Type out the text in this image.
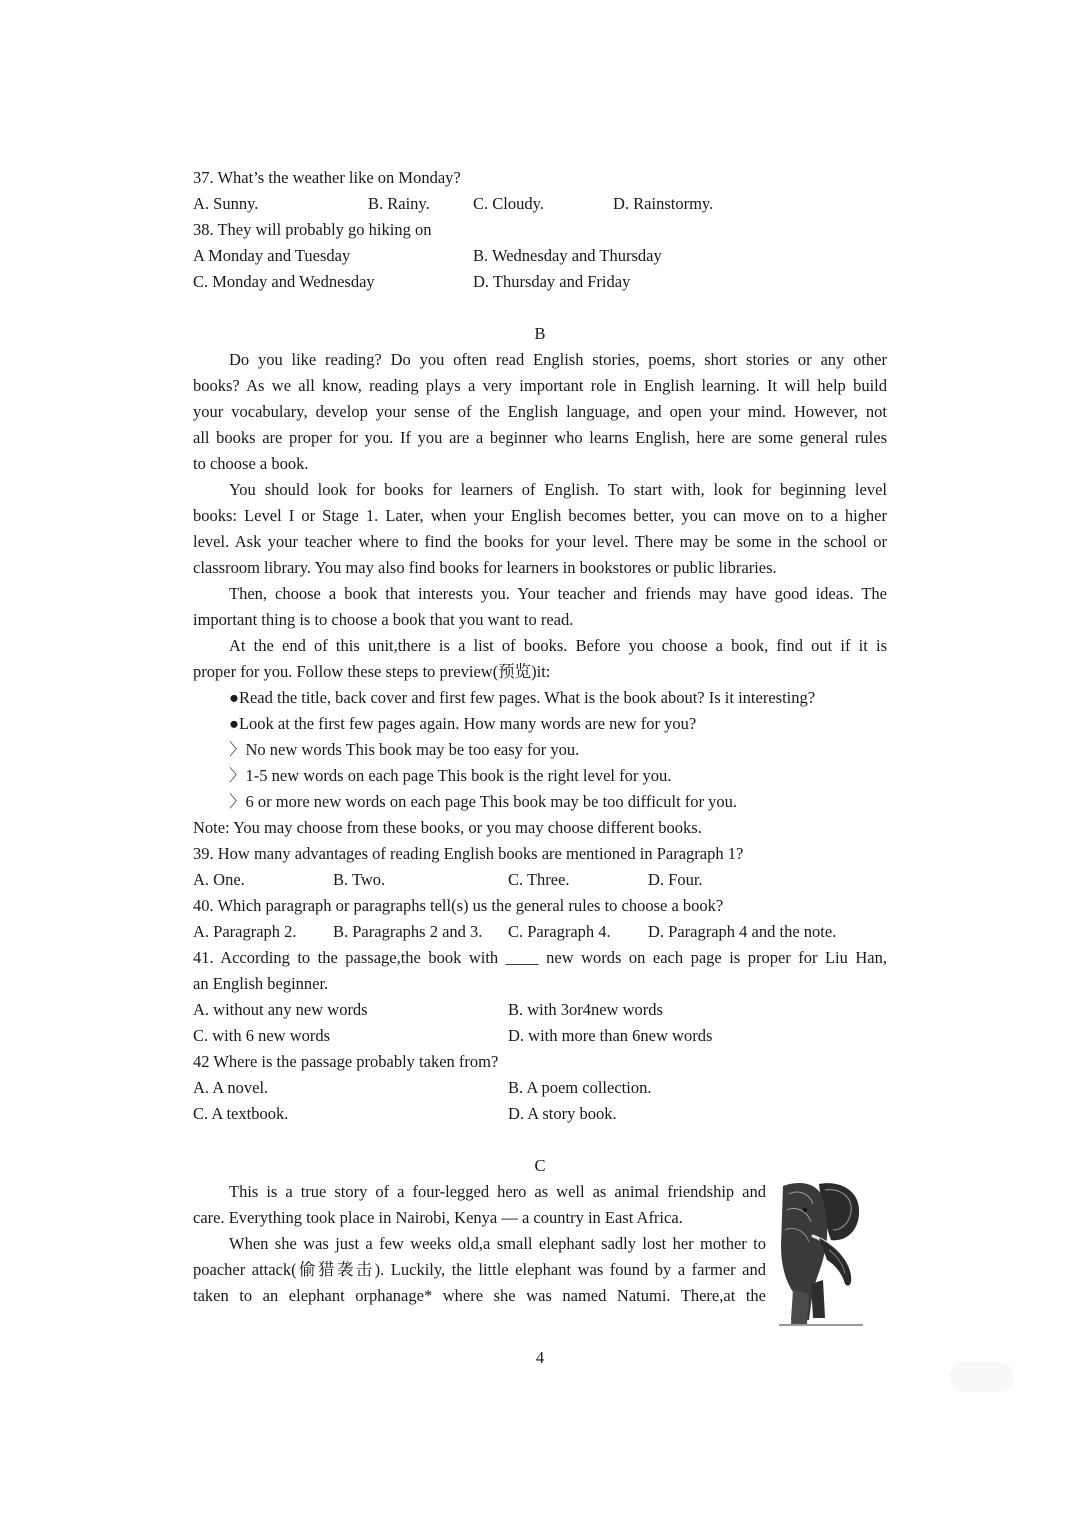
37. What’s the weather like on Monday?
A. Sunny.	B. Rainy.	C. Cloudy.	D. Rainstormy.
38. They will probably go hiking on
A Monday and Tuesday	B. Wednesday and Thursday
C. Monday and Wednesday	D. Thursday and Friday
B
Do you like reading? Do you often read English stories, poems, short stories or any other
books? As we all know, reading plays a very important role in English learning. It will help build
your vocabulary, develop your sense of the English language, and open your mind. However, not
all books are proper for you. If you are a beginner who learns English, here are some general rules
to choose a book.
You should look for books for learners of English. To start with, look for beginning level
books: Level I or Stage 1. Later, when your English becomes better, you can move on to a higher
level. Ask your teacher where to find the books for your level. There may be some in the school or
classroom library. You may also find books for learners in bookstores or public libraries.
Then, choose a book that interests you. Your teacher and friends may have good ideas. The
important thing is to choose a book that you want to read.
At the end of this unit,there is a list of books. Before you choose a book, find out if it is
proper for you. Follow these steps to preview(预览)it:
●Read the title, back cover and first few pages. What is the book about? Is it interesting?
●Look at the first few pages again. How many words are new for you?
〉No new words This book may be too easy for you.
〉1-5 new words on each page This book is the right level for you.
〉6 or more new words on each page This book may be too difficult for you.
Note: You may choose from these books, or you may choose different books.
39. How many advantages of reading English books are mentioned in Paragraph 1?
A. One.	B. Two.	C. Three.	D. Four.
40. Which paragraph or paragraphs tell(s) us the general rules to choose a book?
A. Paragraph 2. B. Paragraphs 2 and 3. C. Paragraph 4. D. Paragraph 4 and the note.
41. According to the passage,the book with ____ new words on each page is proper for Liu Han,
an English beginner.
A. without any new words	B. with 3or4new words
C. with 6 new words	D. with more than 6new words
42 Where is the passage probably taken from?
A. A novel.	B. A poem collection.
C. A textbook.	D. A story book.
C
This is a true story of a four-legged hero as well as animal friendship and
care. Everything took place in Nairobi, Kenya — a country in East Africa.
When she was just a few weeks old,a small elephant sadly lost her mother to
poacher attack(偷猎袭击). Luckily, the little elephant was found by a farmer and
taken to an elephant orphanage* where she was named Natumi. There,at the
4
